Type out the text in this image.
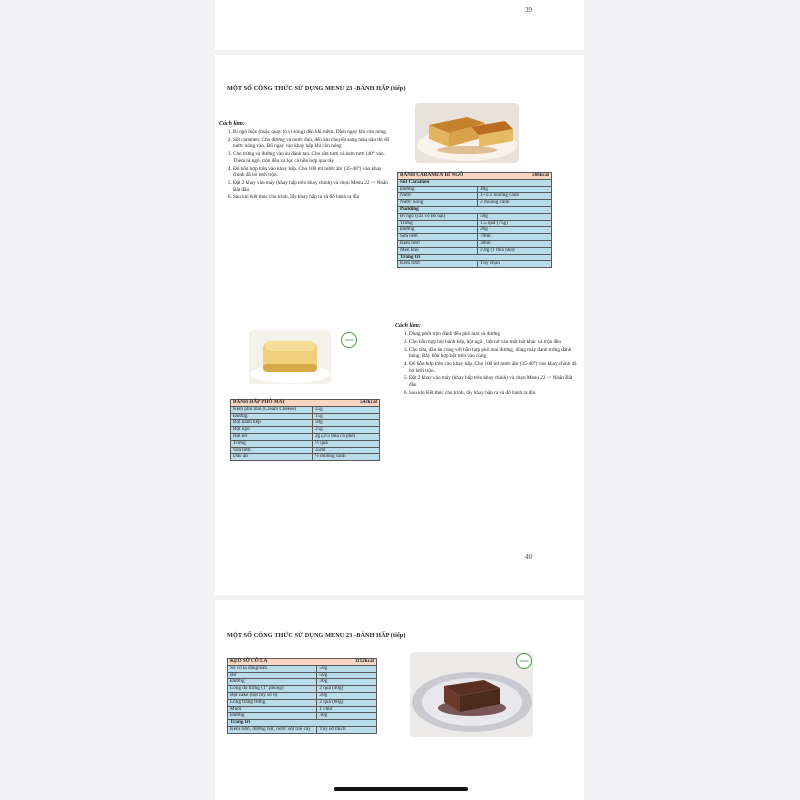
39
MỘT SỐ CÔNG THỨC SỬ DỤNG MENU 23 -BÁNH HẤP (tiếp)
Cách làm:
1. Bí ngô luộc (hoặc quay lò vi sóng) đến khi mềm. Dằm ngay khi còn nóng.
2. Sốt caramen: Cho đường và nước đun, đến khi chuyển sang màu nâu thì đổ nước nóng vào. Đổ ngay vào khay hấp khi còn nóng
3. Cho trứng và đường vào âu đánh tan. Cho sữa tươi và kem tươi (40° vào. Thêm bí ngô, trộn đều và lọc cả hỗn hợp qua rây
4. Đổ hỗn hợp trên vào khay hấp. Cho 100 ml nước ấm (35-40°) vào khay chính đã bỏ lưới trộn.
5. Đặt 2 khay vào máy (khay hấp trên khay chính) và chọn Menu 22 -> Nhấn Bắt đầu
6. Sau khi Kết thúc chu trình, lấy khay hấp ra và đổ bánh ra đĩa
BÁNH CARAMEN BÍ NGÔ 566kcal	

Sốt Caramen	
Đường	40g
Nước	1+1/2 muỗng canh
Nước nóng	2 muỗng canh
Pudding	
Bí ngô (cắt vỏ bỏ hạt)	50g
Trứng	1.5 quả (75g)
Đường	20g
Sữa tươi	70ml
Kem tươi	30ml
Men khô	2.8g (1 thìa nhỏ)
Trang trí	
Kem tươi	Tùy chọn
TAKIO
BÁNH HẤP PHÔ MAI 543kcal	

Kem phô mai (Cream Cheese)	25g
Đường	15g
Bột bánh kếp	50g
Bột ngô	25g
Bột nở	2g (2/3 thìa cà phê)
Trứng	½ quả
Sữa tươi	35ml
Dầu ăn	½ muỗng canh
Cách làm:
1. Dùng phới trộn đánh đều phô mai và đường
2. Cho hỗn hợp bột bánh kếp, bột ngô , bột nở vào một bát khác và trộn đều
3. Cho sữa, dầu ăn cùng với hỗn hợp phô mai đường, dùng máy đánh trứng đánh bông. Rây hỗn hợp bột trên vào cùng
4. Đổ hỗn hợp trên vào khay hấp. Cho 100 ml nước ấm (35-40°) vào khay chính đã bỏ lưới trộn.
5. Đặt 2 khay vào máy (khay hấp trên khay chính) và chọn Menu 22 -> Nhấn Bắt đầu
6. Sau khi Kết thúc chu trình, lấy khay hấp ra và đổ bánh ra đĩa
40
MỘT SỐ CÔNG THỨC SỬ DỤNG MENU 23 -BÁNH HẤP (tiếp)
KẸO SÔ CÔ LA 1112kcal	

Sô cô la đắng/sữa	50g
Bơ	50g
Đường	30g
Lòng đỏ trứng (1° phòng)	2 quả (40g)
Bột cake (bột mỳ số 8)	20g
Lòng trắng trứng	2 quả (60g)
Muối	1 chút
Đường	30g
Trang trí	
Kem tươi, đường bột, nước sốt trái cây	Tùy sở thích
TAKIO
